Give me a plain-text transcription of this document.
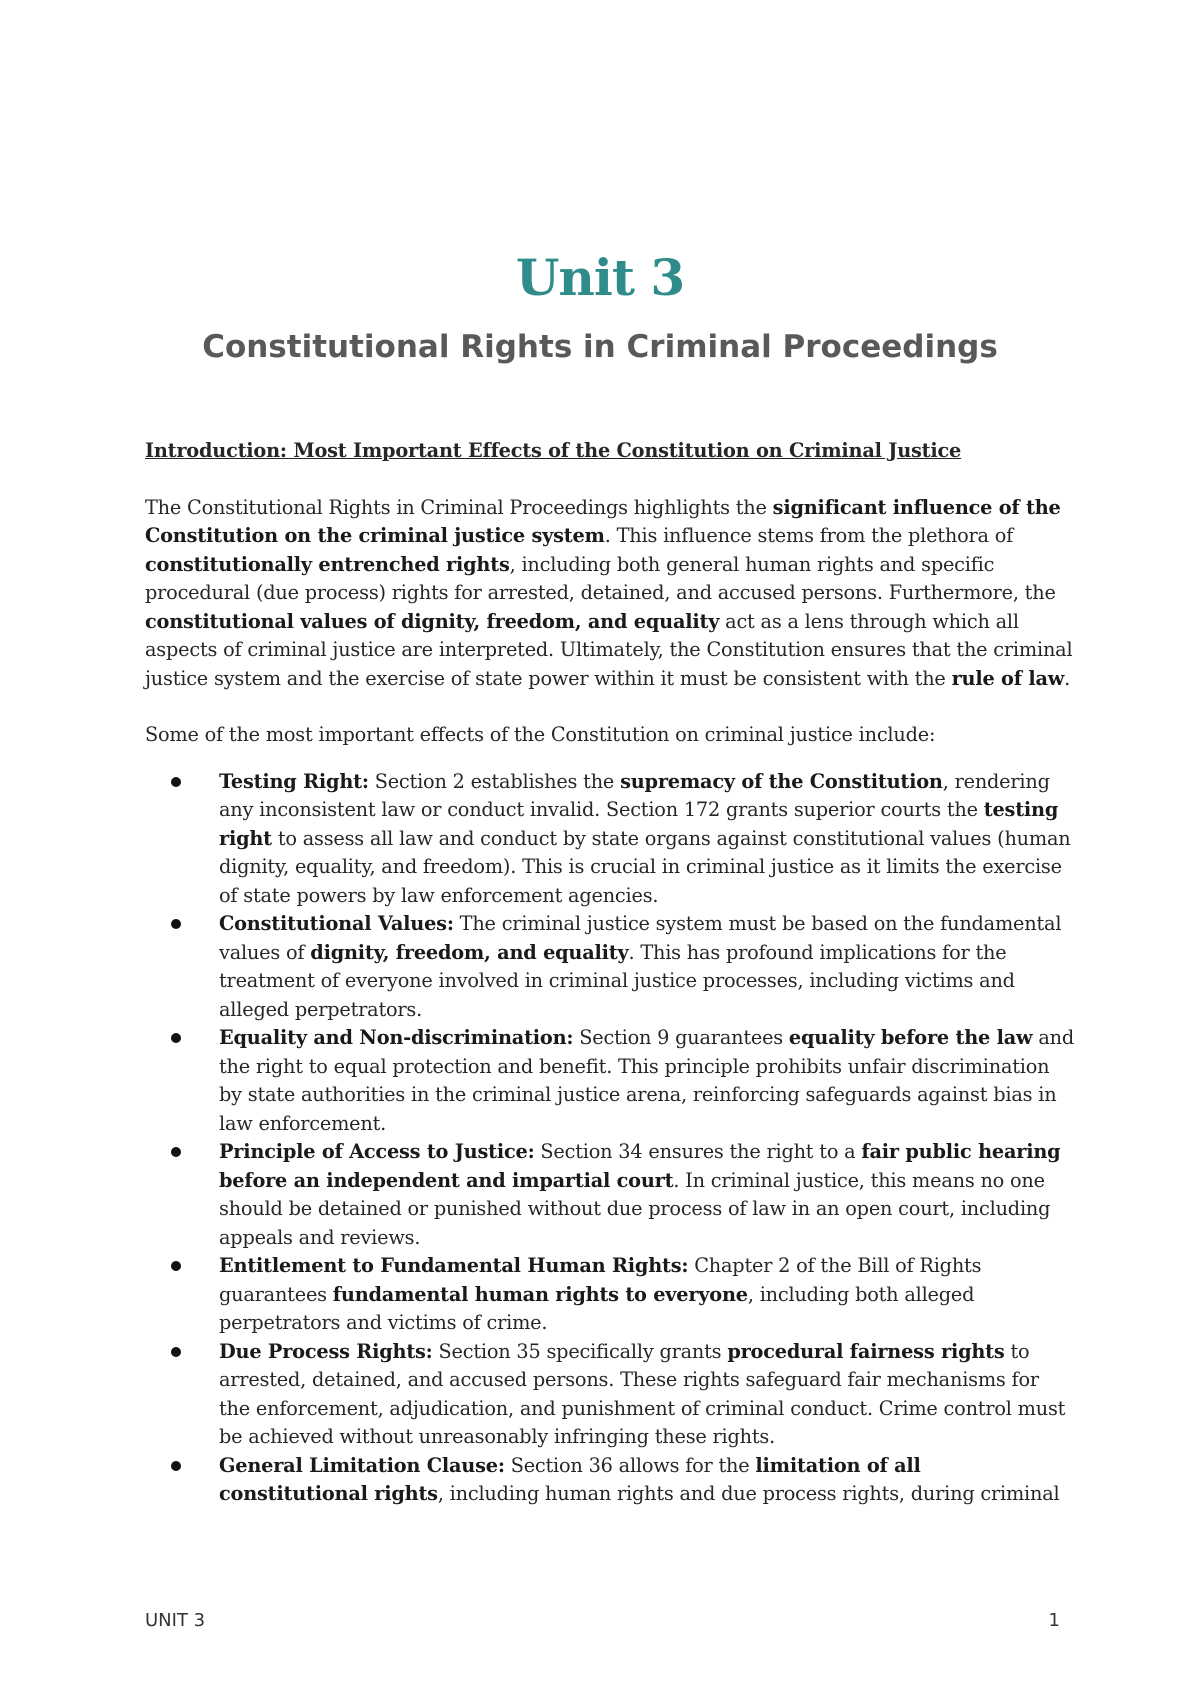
Unit 3
Constitutional Rights in Criminal Proceedings

Introduction: Most Important Effects of the Constitution on Criminal Justice

The Constitutional Rights in Criminal Proceedings highlights the significant influence of the Constitution on the criminal justice system. This influence stems from the plethora of constitutionally entrenched rights, including both general human rights and specific procedural (due process) rights for arrested, detained, and accused persons. Furthermore, the constitutional values of dignity, freedom, and equality act as a lens through which all aspects of criminal justice are interpreted. Ultimately, the Constitution ensures that the criminal justice system and the exercise of state power within it must be consistent with the rule of law.

Some of the most important effects of the Constitution on criminal justice include:

Testing Right: Section 2 establishes the supremacy of the Constitution, rendering any inconsistent law or conduct invalid. Section 172 grants superior courts the testing right to assess all law and conduct by state organs against constitutional values (human dignity, equality, and freedom). This is crucial in criminal justice as it limits the exercise of state powers by law enforcement agencies.
Constitutional Values: The criminal justice system must be based on the fundamental values of dignity, freedom, and equality. This has profound implications for the treatment of everyone involved in criminal justice processes, including victims and alleged perpetrators.
Equality and Non-discrimination: Section 9 guarantees equality before the law and the right to equal protection and benefit. This principle prohibits unfair discrimination by state authorities in the criminal justice arena, reinforcing safeguards against bias in law enforcement.
Principle of Access to Justice: Section 34 ensures the right to a fair public hearing before an independent and impartial court. In criminal justice, this means no one should be detained or punished without due process of law in an open court, including appeals and reviews.
Entitlement to Fundamental Human Rights: Chapter 2 of the Bill of Rights guarantees fundamental human rights to everyone, including both alleged perpetrators and victims of crime.
Due Process Rights: Section 35 specifically grants procedural fairness rights to arrested, detained, and accused persons. These rights safeguard fair mechanisms for the enforcement, adjudication, and punishment of criminal conduct. Crime control must be achieved without unreasonably infringing these rights.
General Limitation Clause: Section 36 allows for the limitation of all constitutional rights, including human rights and due process rights, during criminal
UNIT 3	1
